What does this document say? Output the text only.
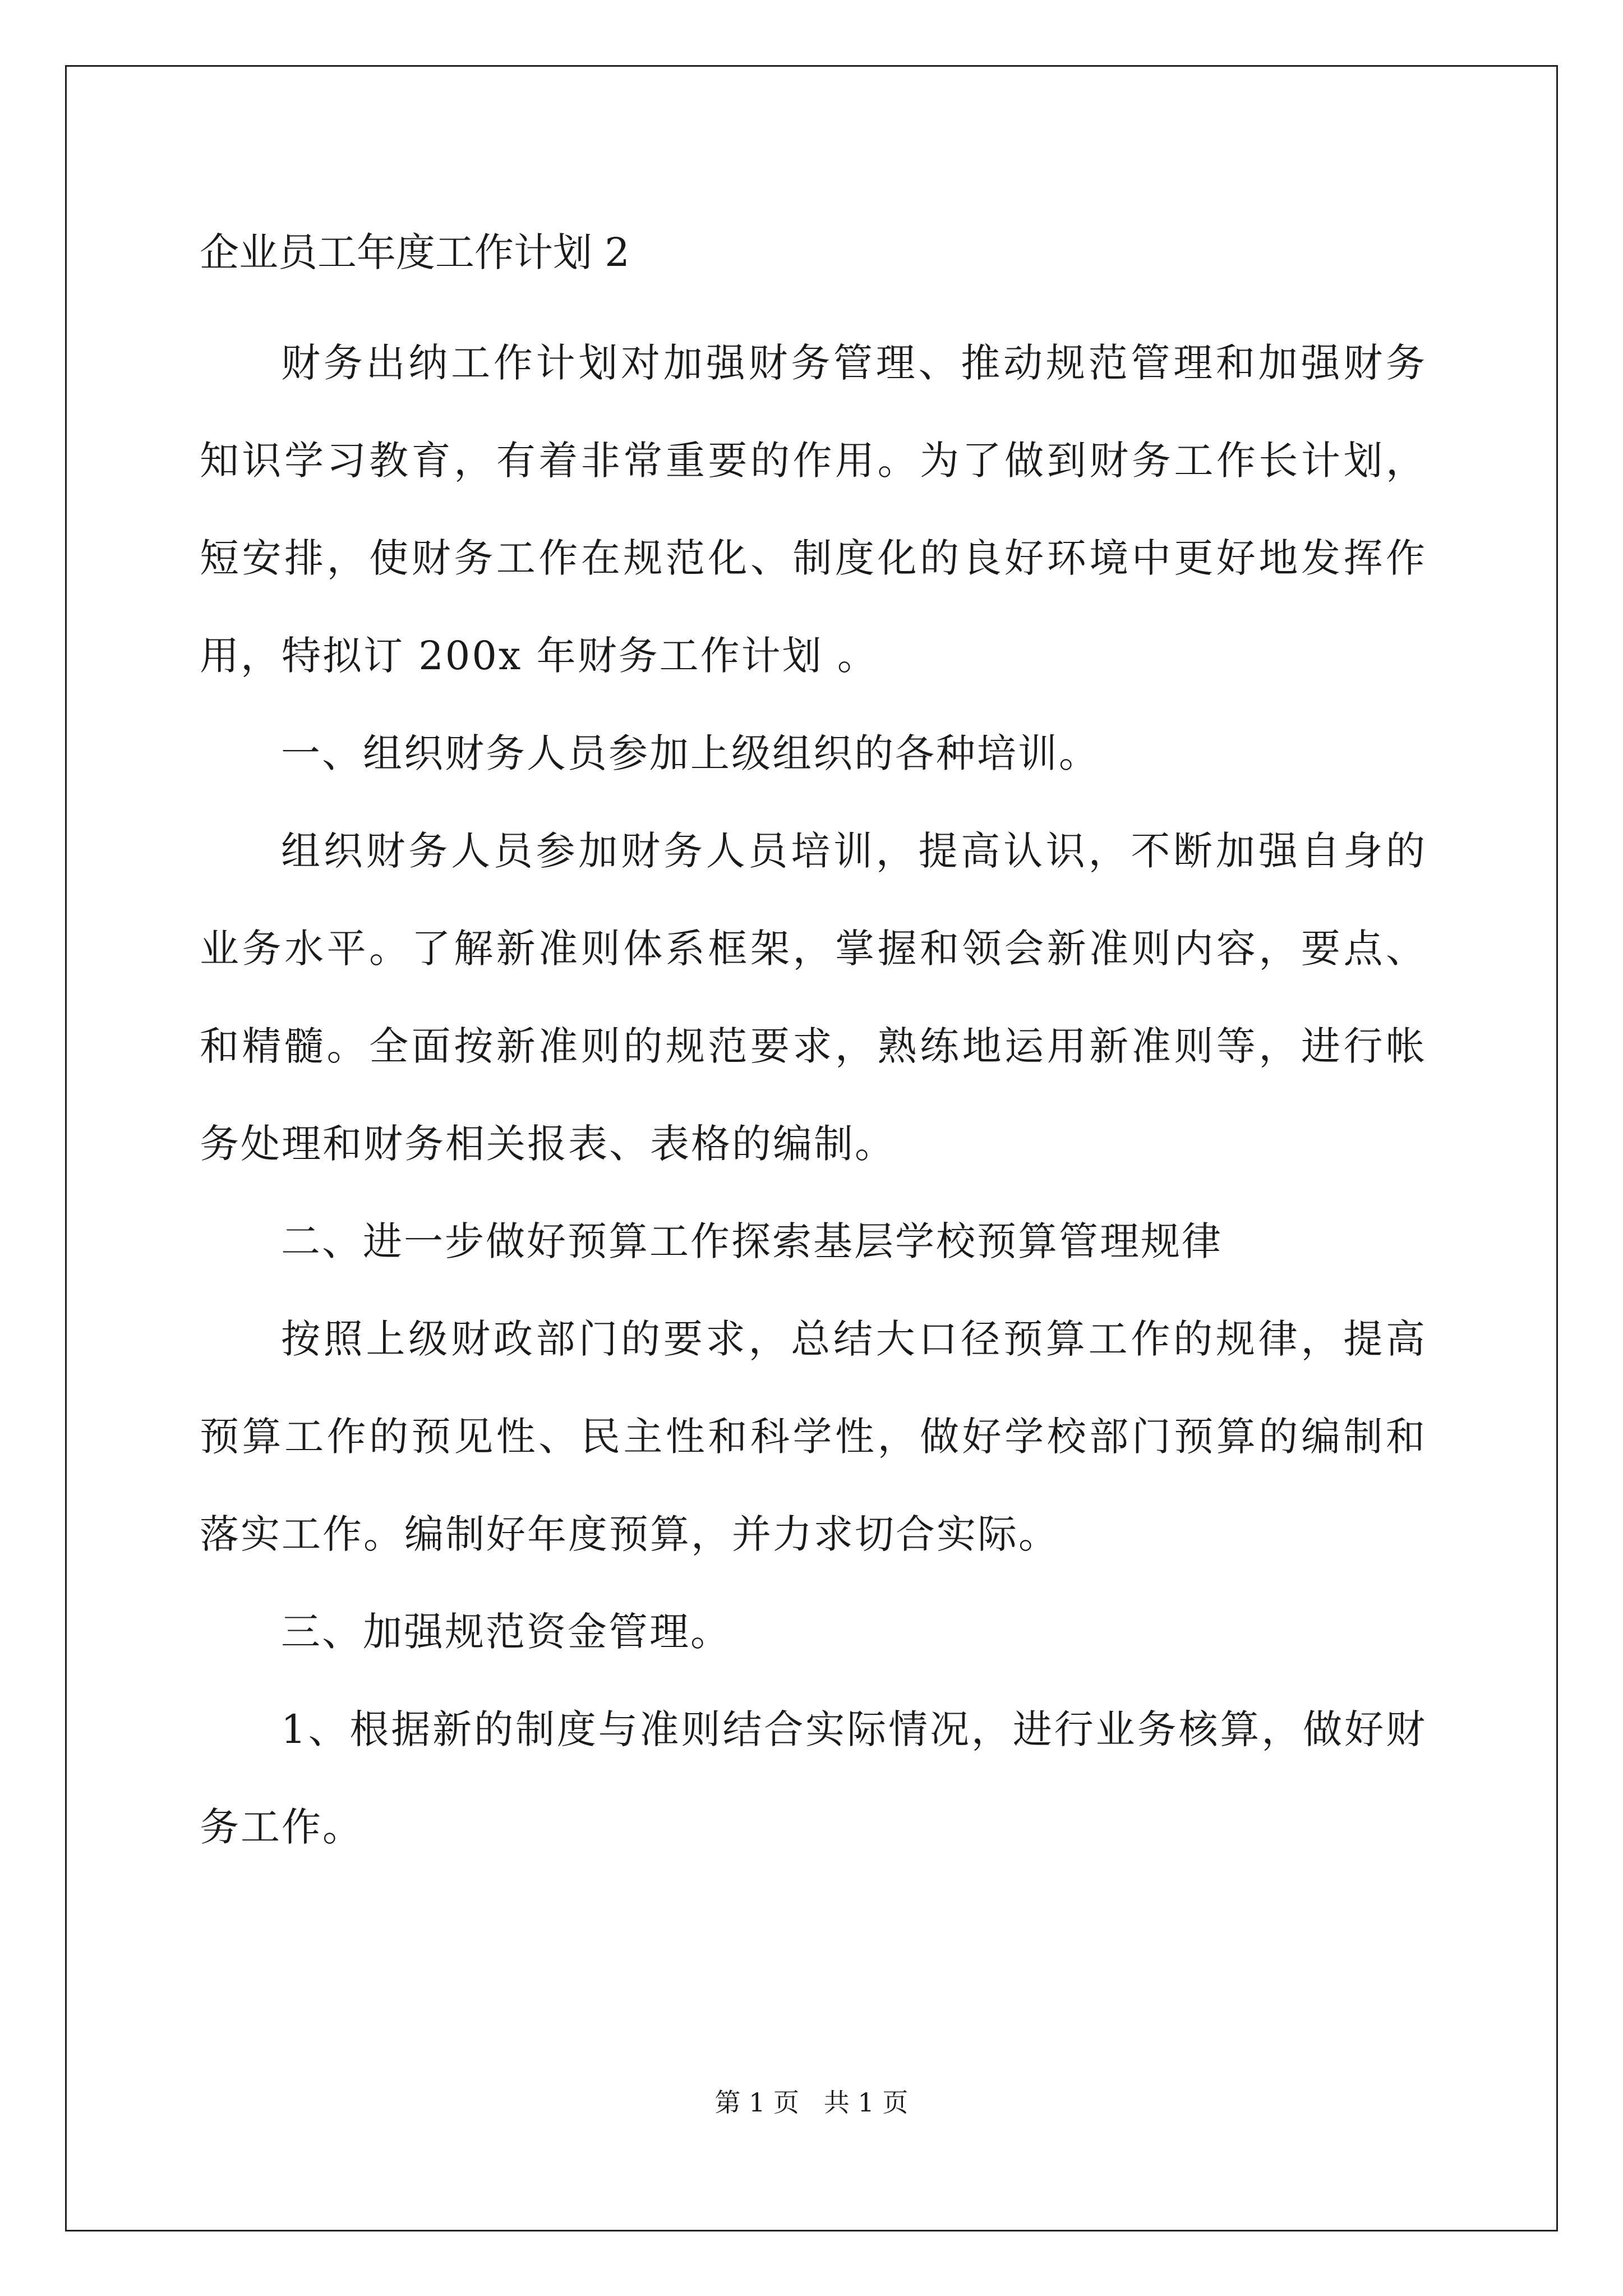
企业员工年度工作计划 2

财务出纳工作计划对加强财务管理、推动规范管理和加强财务知识学习教育，有着非常重要的作用。为了做到财务工作长计划，短安排，使财务工作在规范化、制度化的良好环境中更好地发挥作用，特拟订 200x 年财务工作计划 。

一、组织财务人员参加上级组织的各种培训。

组织财务人员参加财务人员培训，提高认识，不断加强自身的业务水平。了解新准则体系框架，掌握和领会新准则内容，要点、和精髓。全面按新准则的规范要求，熟练地运用新准则等，进行帐务处理和财务相关报表、表格的编制。

二、进一步做好预算工作探索基层学校预算管理规律

按照上级财政部门的要求，总结大口径预算工作的规律，提高预算工作的预见性、民主性和科学性，做好学校部门预算的编制和落实工作。编制好年度预算，并力求切合实际。

三、加强规范资金管理。

1、根据新的制度与准则结合实际情况，进行业务核算，做好财务工作。

第 1 页   共 1 页
